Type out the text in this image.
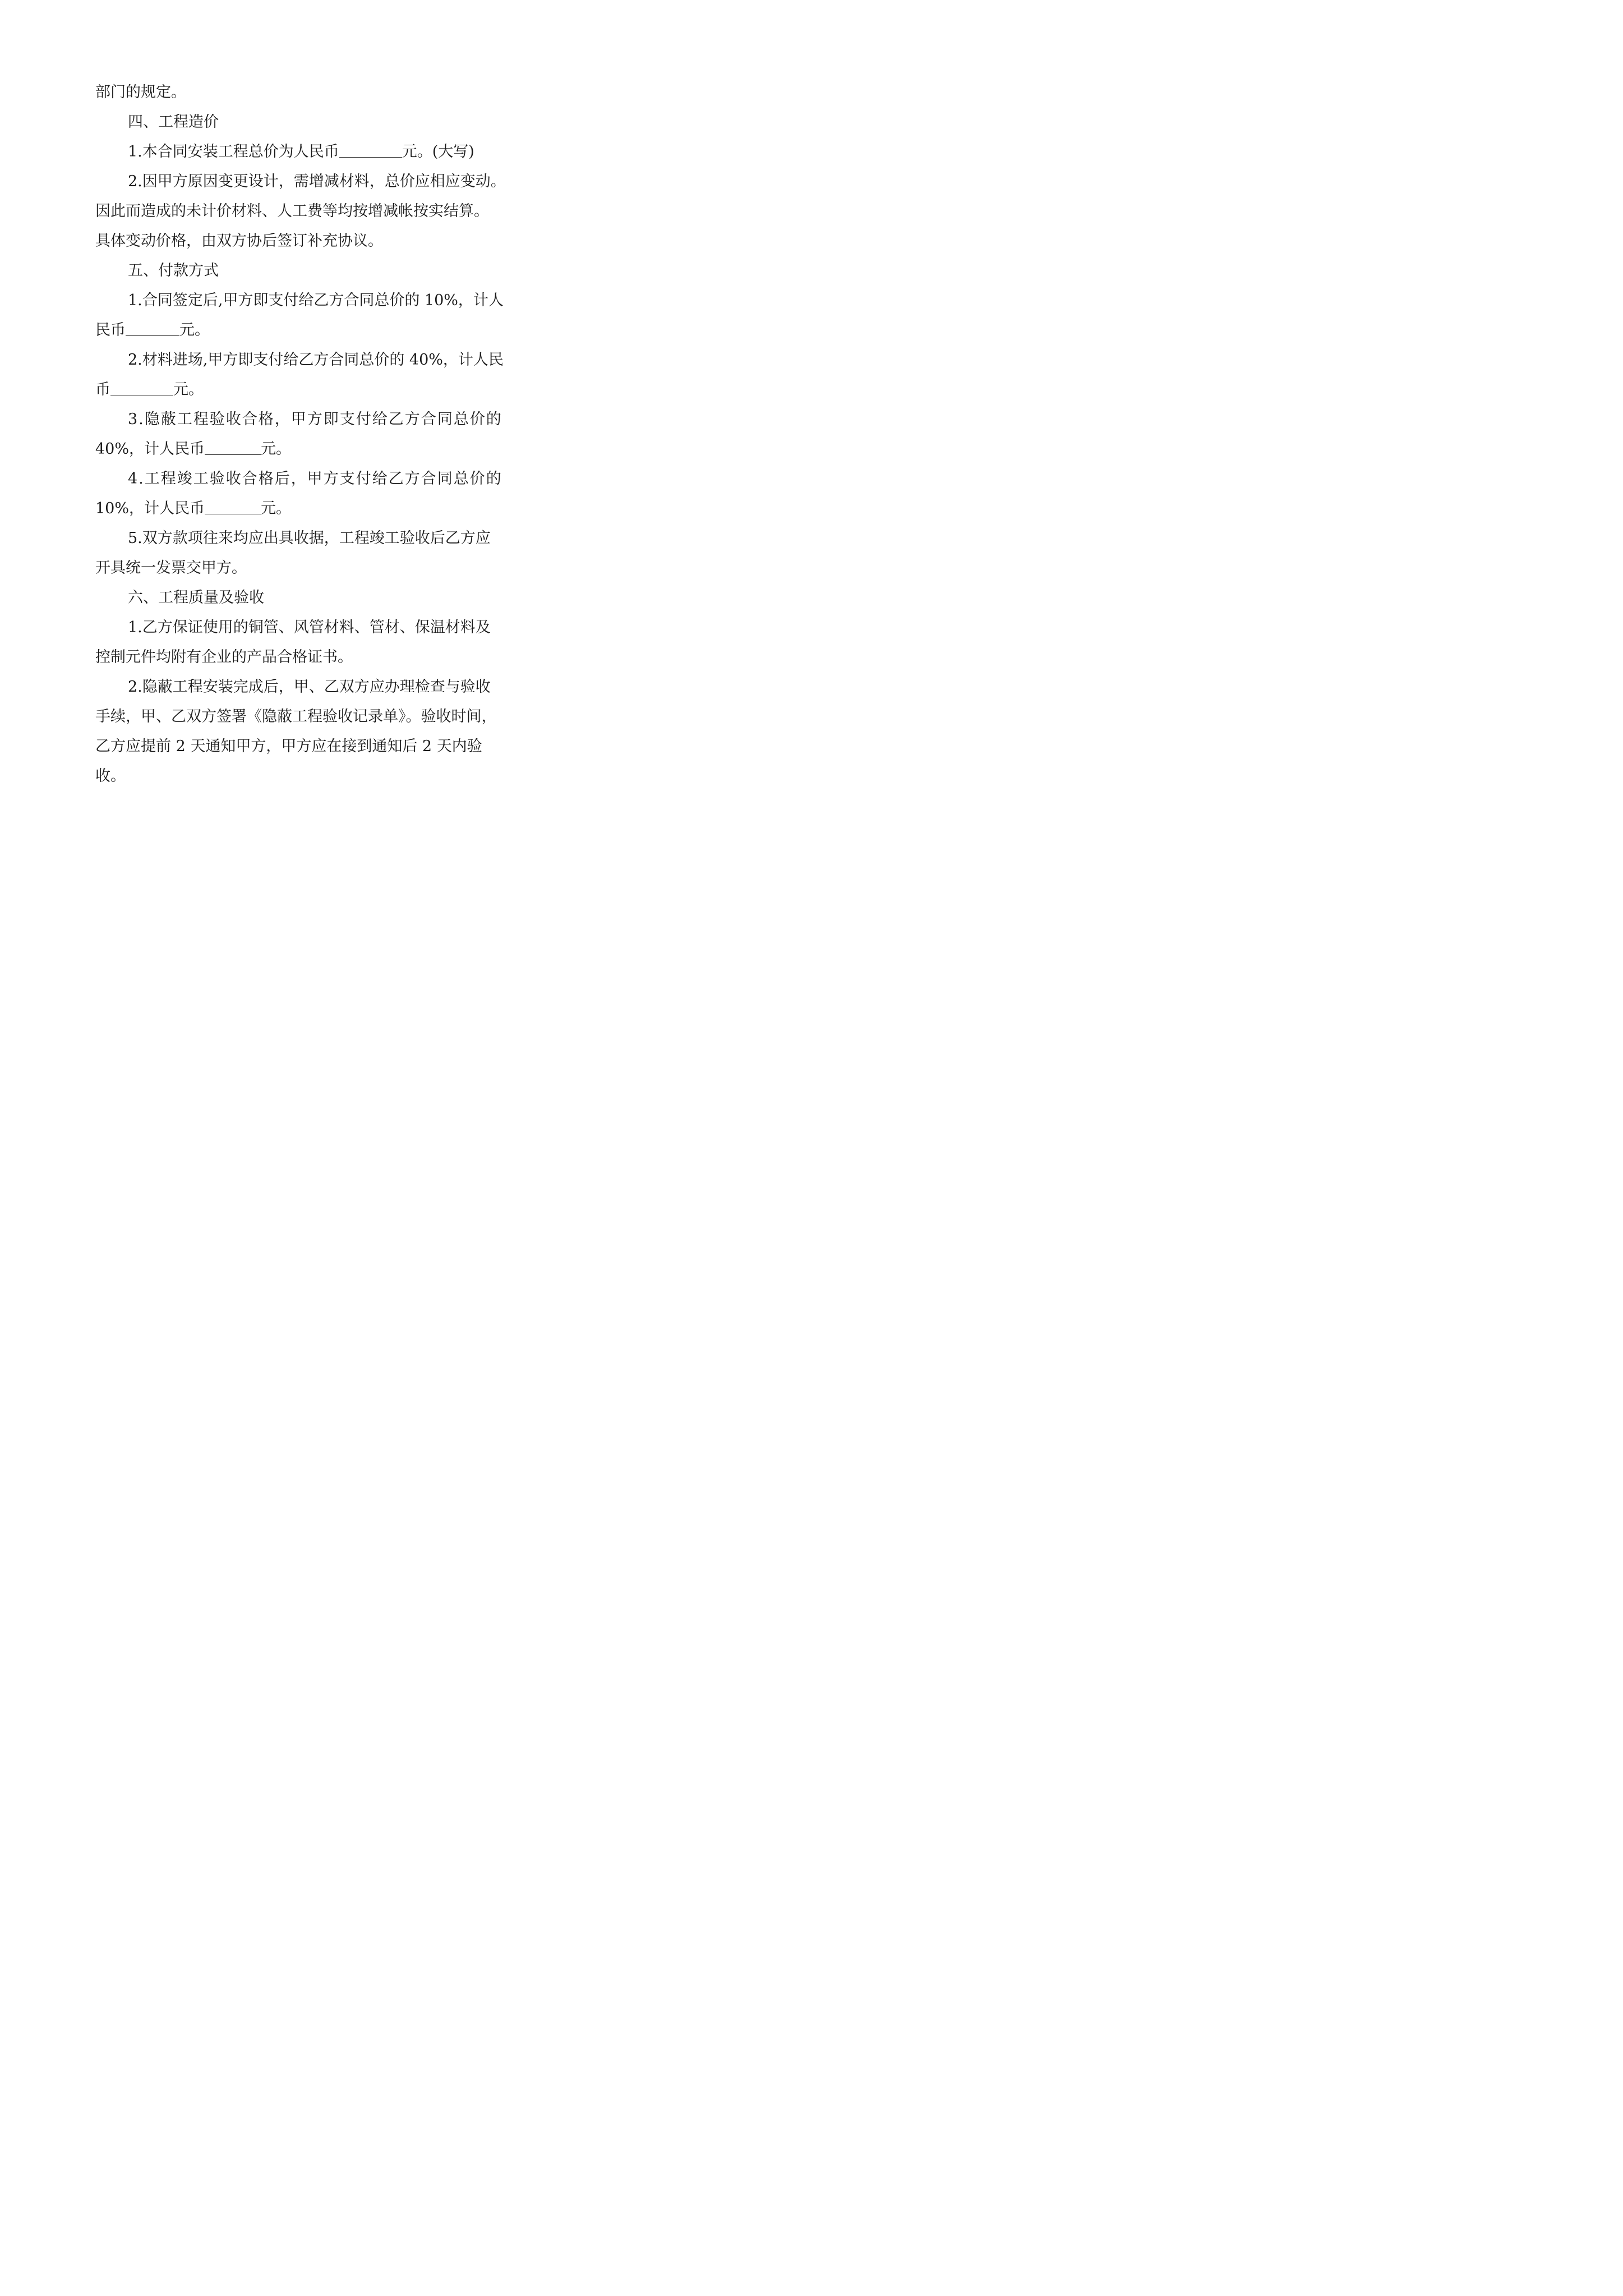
部门的规定。
四、工程造价
1.本合同安装工程总价为人民币	元。(大写)
2.因甲方原因变更设计，需增减材料，总价应相应变动。
因此而造成的未计价材料、人工费等均按增减帐按实结算。
具体变动价格，由双方协后签订补充协议。
五、付款方式
1.合同签定后,甲方即支付给乙方合同总价的 10%，计人
民币	元。
2.材料进场,甲方即支付给乙方合同总价的 40%，计人民
币	元。
3.隐蔽工程验收合格，甲方即支付给乙方合同总价的
40%，计人民币	元。
4.工程竣工验收合格后，甲方支付给乙方合同总价的
10%，计人民币	元。
5.双方款项往来均应出具收据，工程竣工验收后乙方应
开具统一发票交甲方。
六、工程质量及验收
1.乙方保证使用的铜管、风管材料、管材、保温材料及
控制元件均附有企业的产品合格证书。
2.隐蔽工程安装完成后，甲、乙双方应办理检查与验收
手续，甲、乙双方签署《隐蔽工程验收记录单》。验收时间，
乙方应提前 2 天通知甲方，甲方应在接到通知后 2 天内验
收。
